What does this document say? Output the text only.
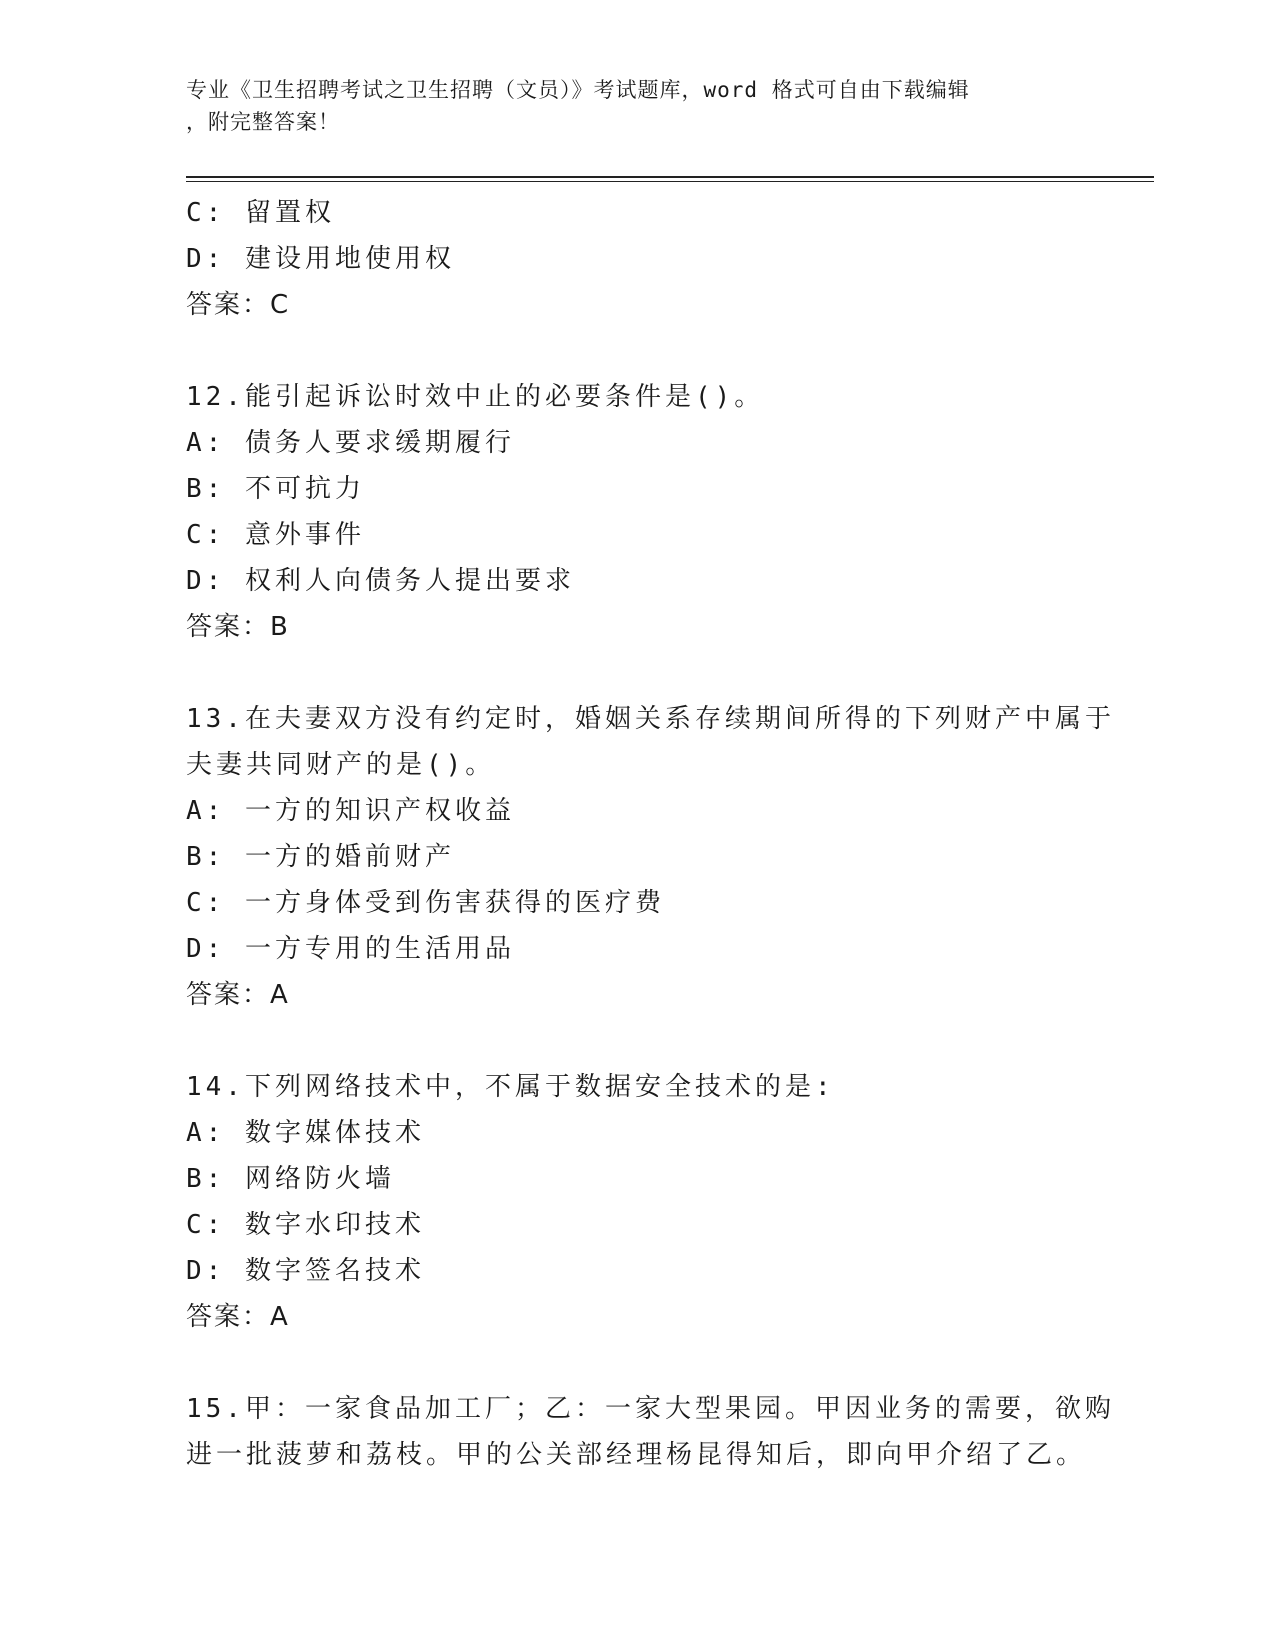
专业《卫生招聘考试之卫生招聘（文员）》考试题库，word 格式可自由下载编辑
，附完整答案！
C: 留置权
D: 建设用地使用权
答案：C
12.能引起诉讼时效中止的必要条件是()。
A: 债务人要求缓期履行
B: 不可抗力
C: 意外事件
D: 权利人向债务人提出要求
答案：B
13.在夫妻双方没有约定时，婚姻关系存续期间所得的下列财产中属于
夫妻共同财产的是()。
A: 一方的知识产权收益
B: 一方的婚前财产
C: 一方身体受到伤害获得的医疗费
D: 一方专用的生活用品
答案：A
14.下列网络技术中，不属于数据安全技术的是:
A: 数字媒体技术
B: 网络防火墙
C: 数字水印技术
D: 数字签名技术
答案：A
15.甲：一家食品加工厂；乙：一家大型果园。甲因业务的需要，欲购
进一批菠萝和荔枝。甲的公关部经理杨昆得知后，即向甲介绍了乙。
